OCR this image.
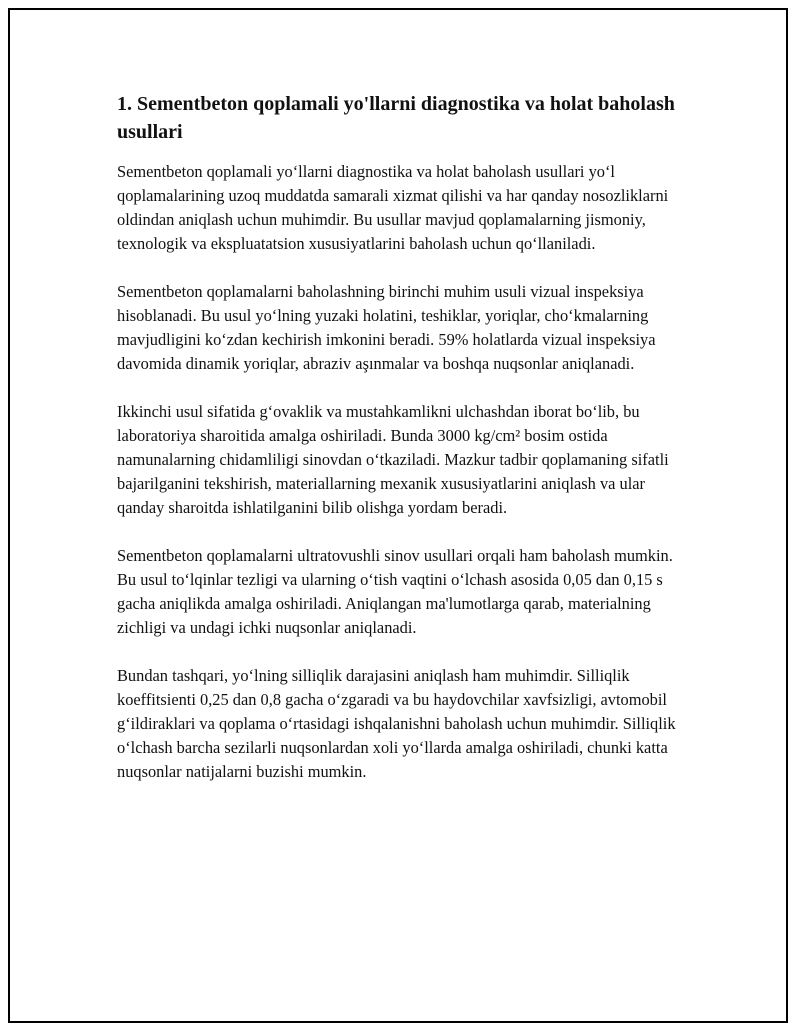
1. Sementbeton qoplamali yo'llarni diagnostika va holat baholash usullari

Sementbeton qoplamali yo‘llarni diagnostika va holat baholash usullari yo‘l qoplamalarining uzoq muddatda samarali xizmat qilishi va har qanday nosozliklarni oldindan aniqlash uchun muhimdir. Bu usullar mavjud qoplamalarning jismoniy, texnologik va ekspluatatsion xususiyatlarini baholash uchun qo‘llaniladi.

Sementbeton qoplamalarni baholashning birinchi muhim usuli vizual inspeksiya hisoblanadi. Bu usul yo‘lning yuzaki holatini, teshiklar, yoriqlar, cho‘kmalarning mavjudligini ko‘zdan kechirish imkonini beradi. 59% holatlarda vizual inspeksiya davomida dinamik yoriqlar, abraziv aşınmalar va boshqa nuqsonlar aniqlanadi.

Ikkinchi usul sifatida g‘ovaklik va mustahkamlikni ulchashdan iborat bo‘lib, bu laboratoriya sharoitida amalga oshiriladi. Bunda 3000 kg/cm² bosim ostida namunalarning chidamliligi sinovdan o‘tkaziladi. Mazkur tadbir qoplamaning sifatli bajarilganini tekshirish, materiallarning mexanik xususiyatlarini aniqlash va ular qanday sharoitda ishlatilganini bilib olishga yordam beradi.

Sementbeton qoplamalarni ultratovushli sinov usullari orqali ham baholash mumkin. Bu usul to‘lqinlar tezligi va ularning o‘tish vaqtini o‘lchash asosida 0,05 dan 0,15 s gacha aniqlikda amalga oshiriladi. Aniqlangan ma'lumotlarga qarab, materialning zichligi va undagi ichki nuqsonlar aniqlanadi.

Bundan tashqari, yo‘lning silliqlik darajasini aniqlash ham muhimdir. Silliqlik koeffitsienti 0,25 dan 0,8 gacha o‘zgaradi va bu haydovchilar xavfsizligi, avtomobil g‘ildiraklari va qoplama o‘rtasidagi ishqalanishni baholash uchun muhimdir. Silliqlik o‘lchash barcha sezilarli nuqsonlardan xoli yo‘llarda amalga oshiriladi, chunki katta nuqsonlar natijalarni buzishi mumkin.
